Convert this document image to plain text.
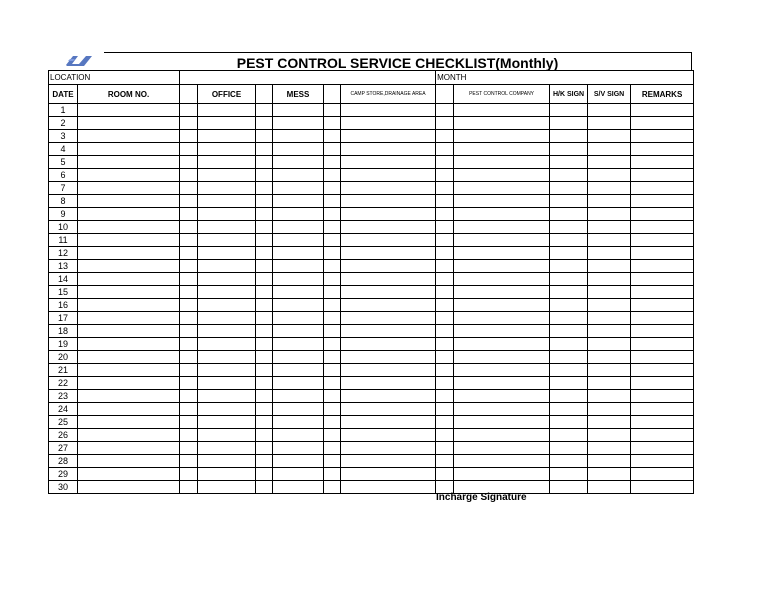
PEST CONTROL SERVICE CHECKLIST(Monthly)
LOCATION								MONTH				
DATE	ROOM NO.		OFFICE		MESS		CAMP STORE,DRAINAGE AREA		PEST CONTROL COMPANY	H/K SIGN	S/V SIGN	REMARKS
1												
2												
3												
4												
5												
6												
7												
8												
9												
10												
11												
12												
13												
14												
15												
16												
17												
18												
19												
20												
21												
22												
23												
24												
25												
26												
27												
28												
29												
30												
Incharge Signature
